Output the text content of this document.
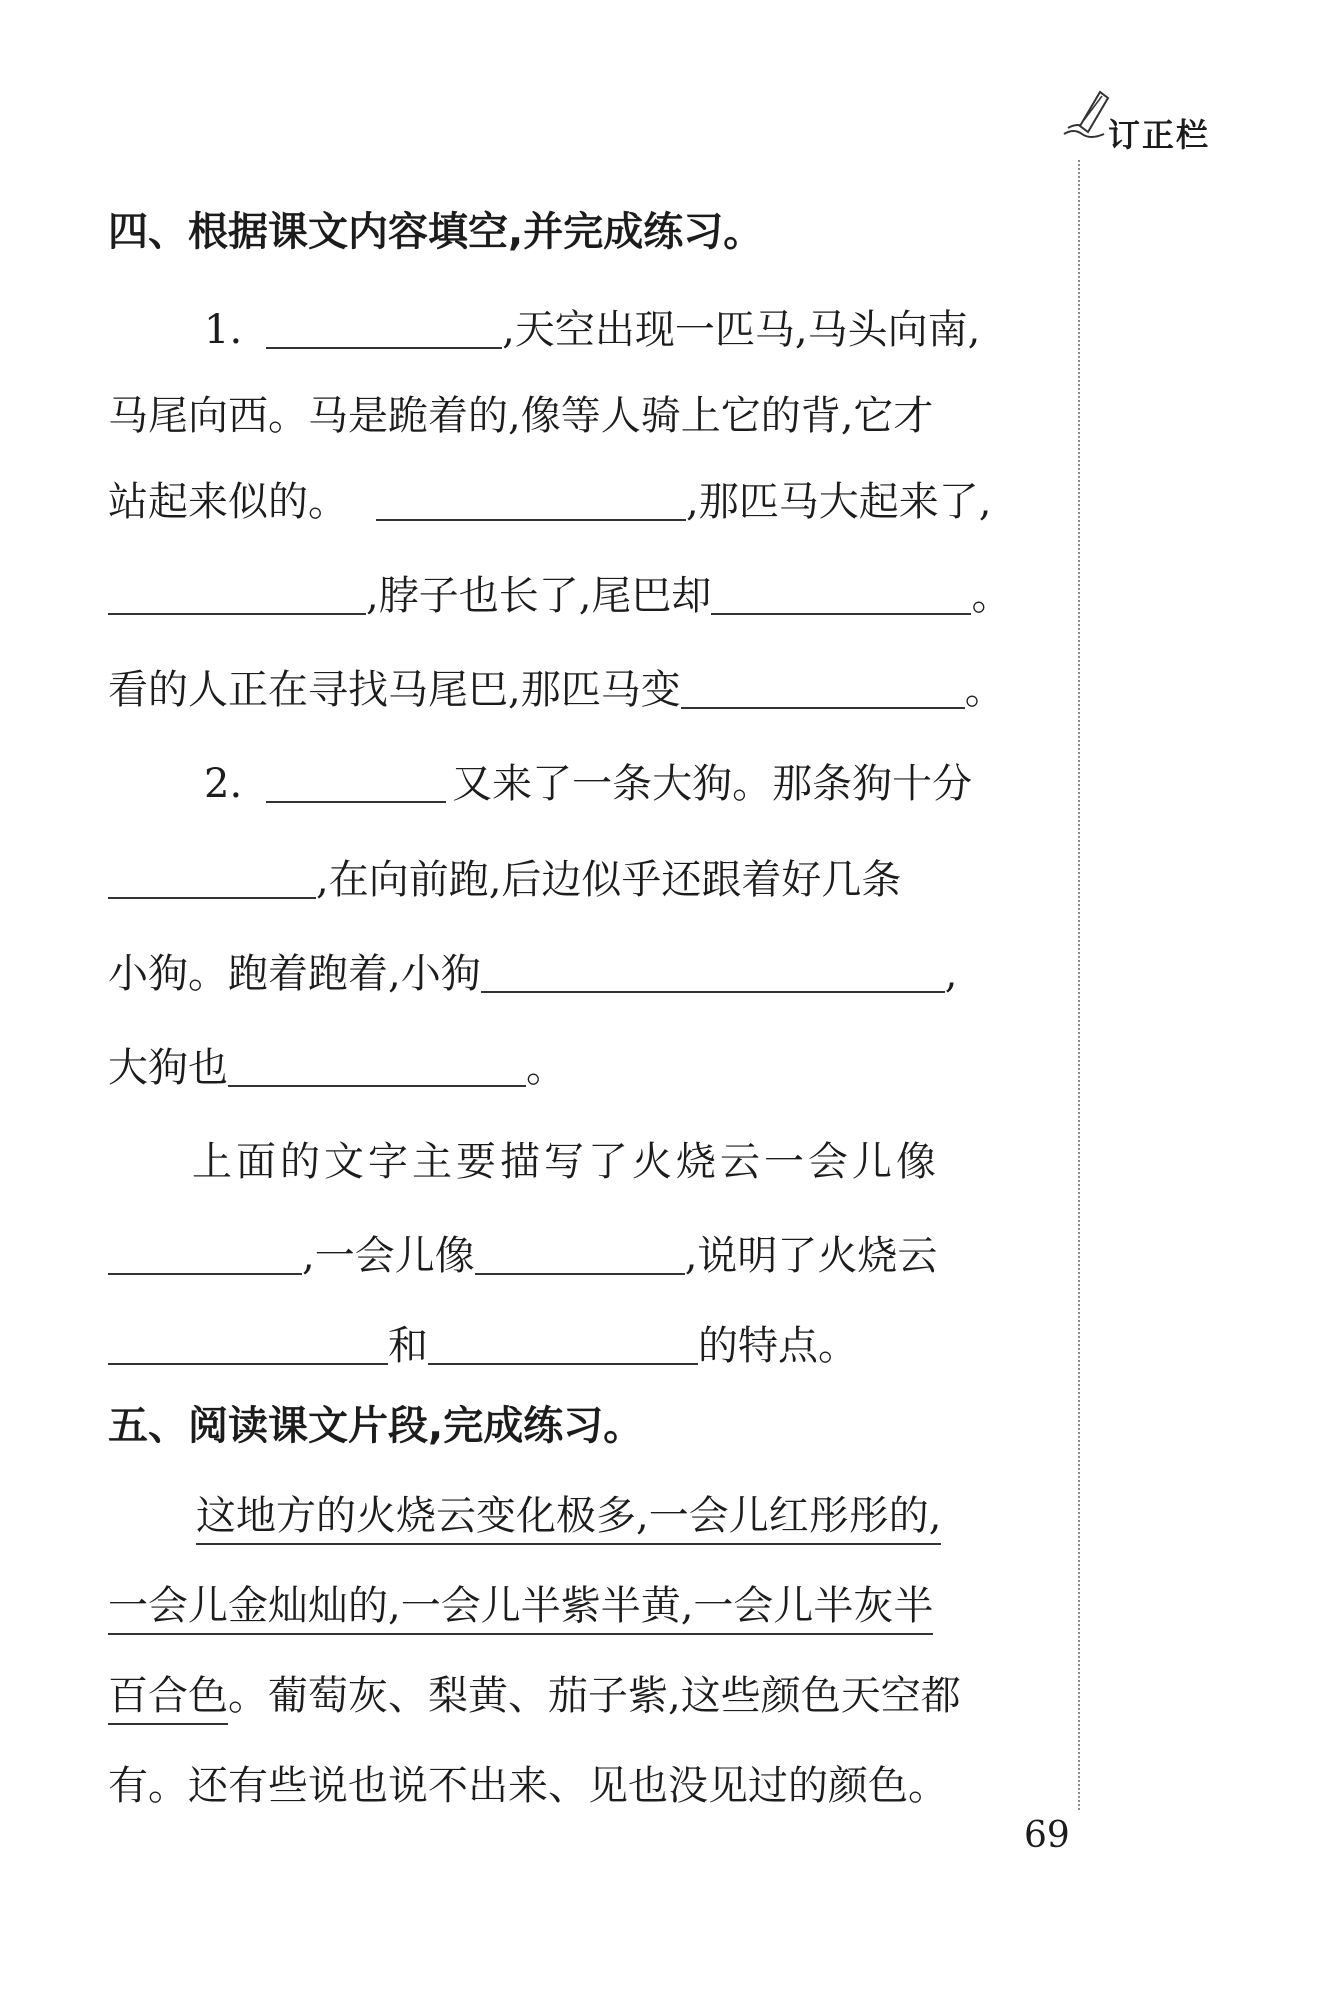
订正栏
四、根据课文内容填空,并完成练习。
1.	,天空出现一匹马,马头向南,
马尾向西。马是跪着的,像等人骑上它的背,它才
站起来似的。	,那匹马大起来了,
,脖子也长了,尾巴却	。
看的人正在寻找马尾巴,那匹马变	。
2.	又来了一条大狗。那条狗十分
,在向前跑,后边似乎还跟着好几条
小狗。跑着跑着,小狗	,
大狗也	。
上面的文字主要描写了火烧云一会儿像
,一会儿像	,说明了火烧云
和	的特点。
五、阅读课文片段,完成练习。
这地方的火烧云变化极多,一会儿红彤彤的,
一会儿金灿灿的,一会儿半紫半黄,一会儿半灰半
百合色。葡萄灰、梨黄、茄子紫,这些颜色天空都
有。还有些说也说不出来、见也没见过的颜色。
69
